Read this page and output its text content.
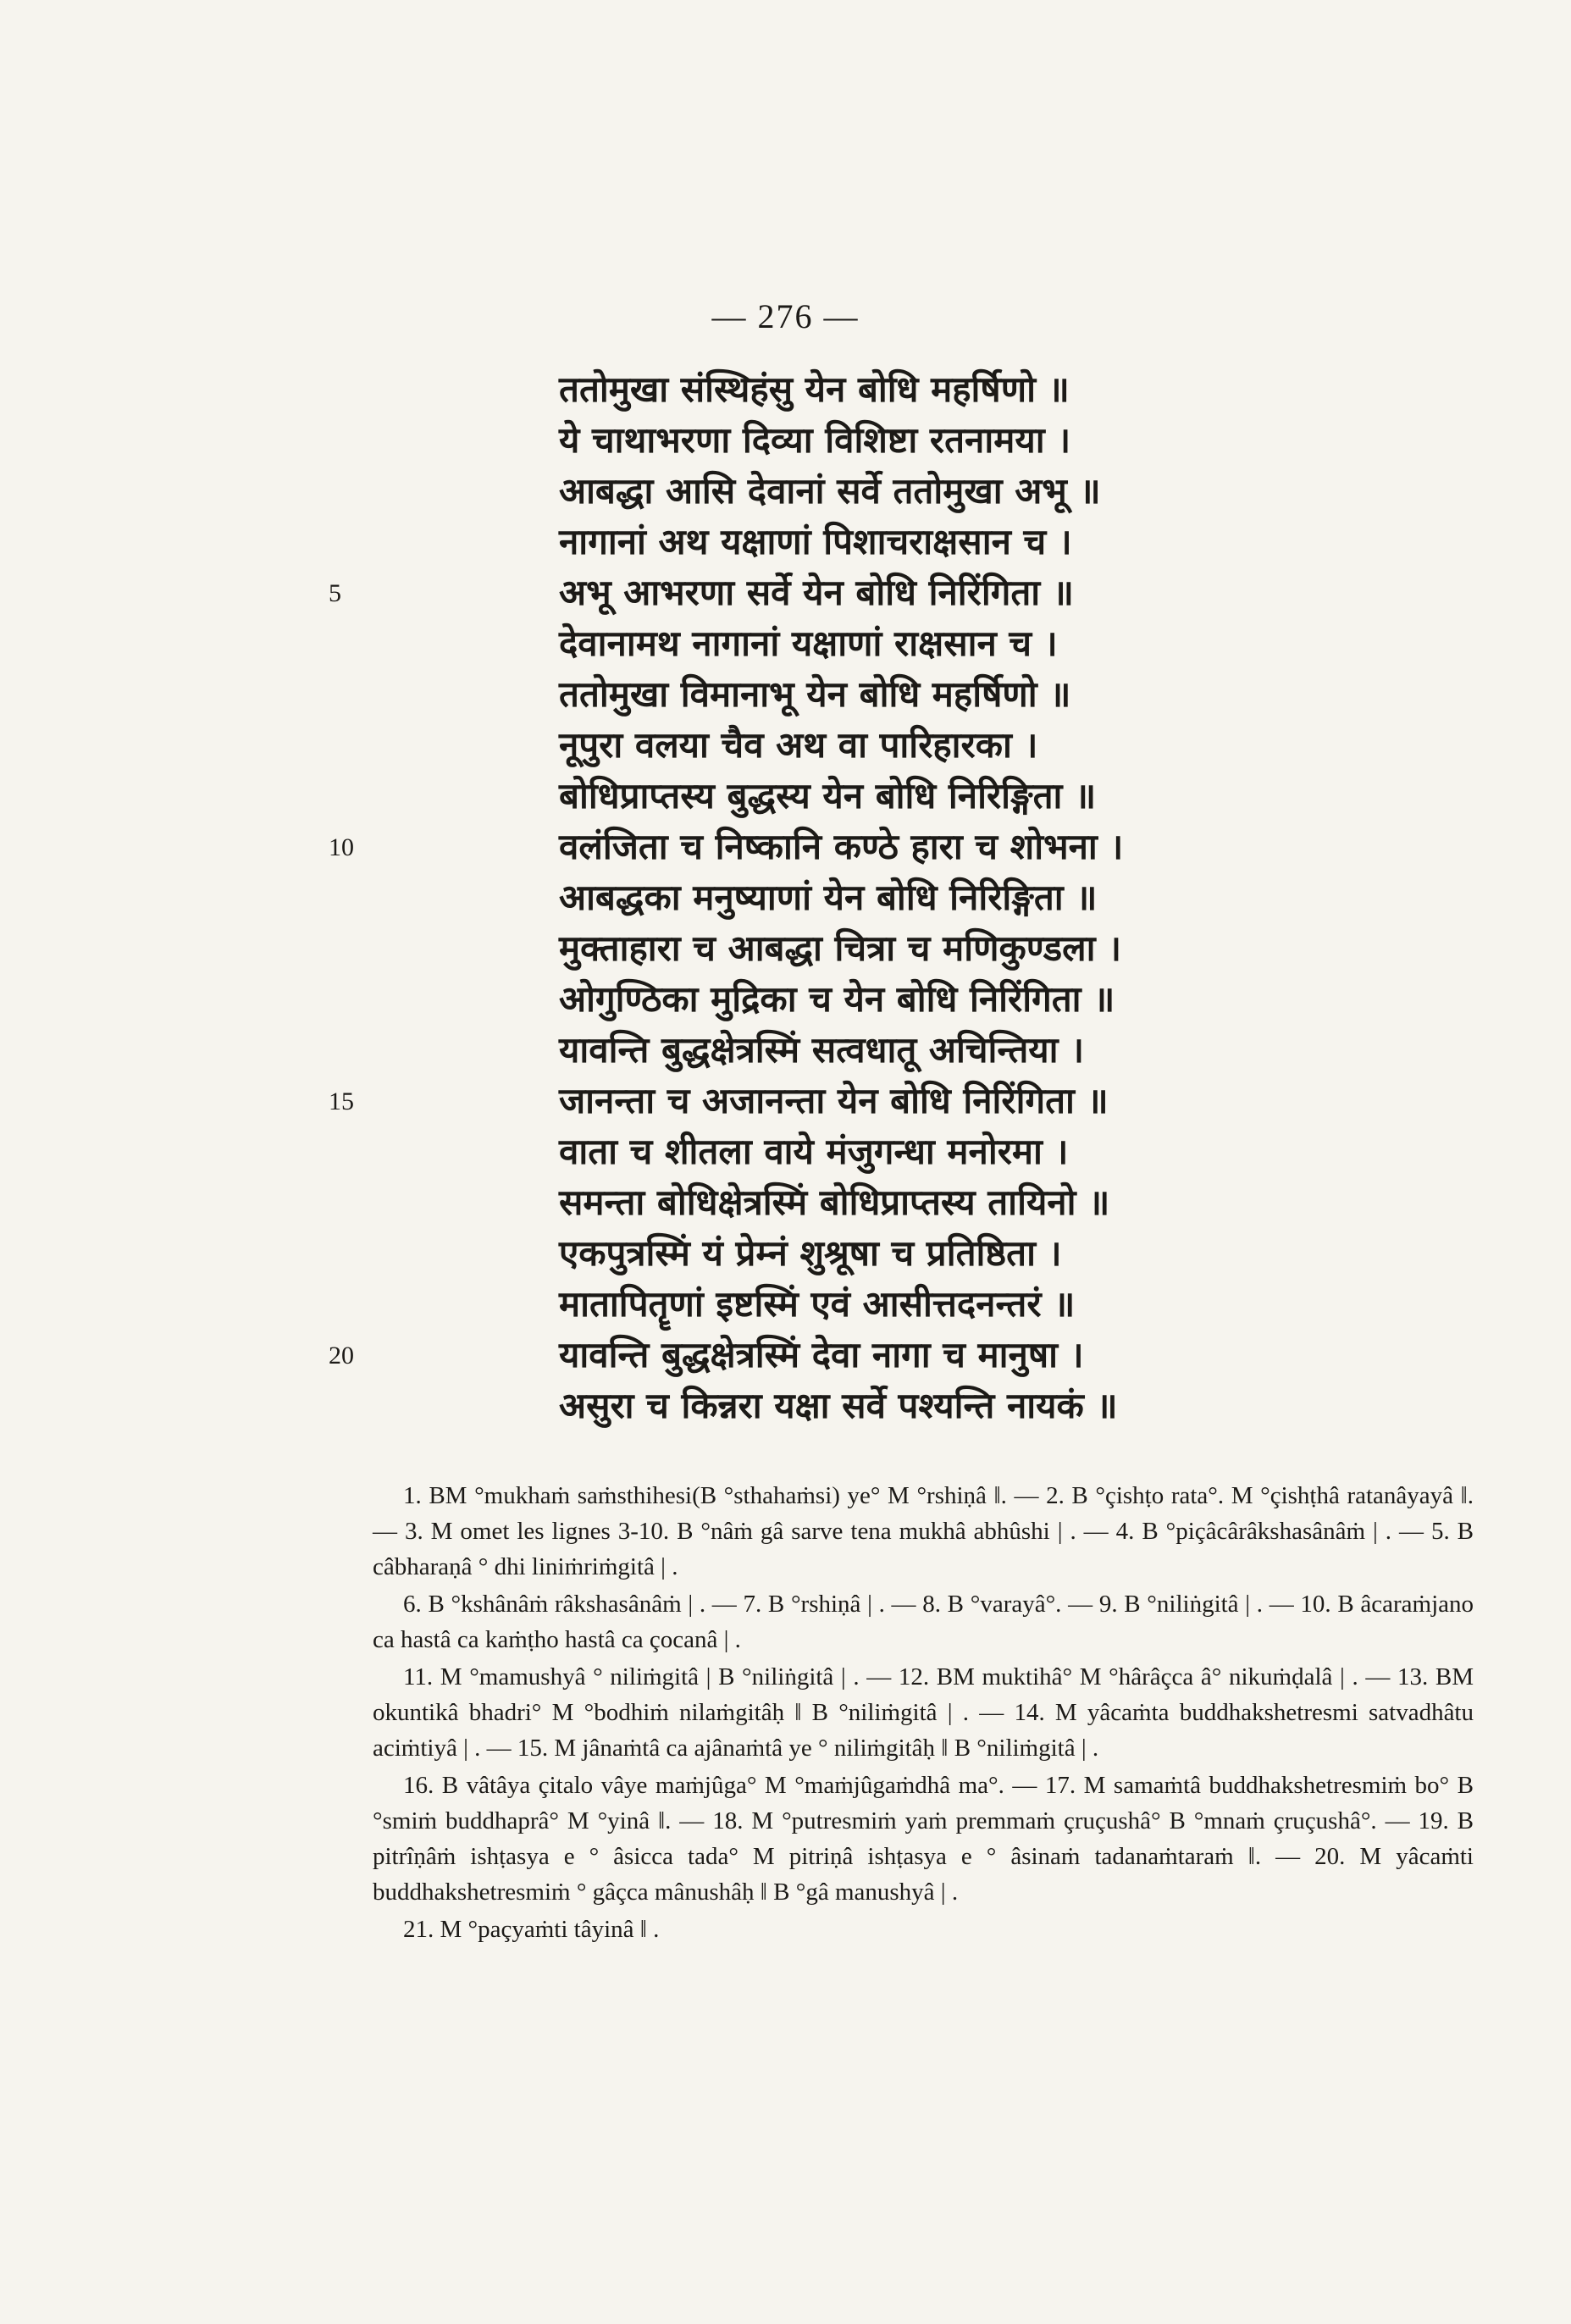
— 276 —
ततोमुखा संस्थिहंसु येन बोधि महर्षिणो ॥
ये चाथाभरणा दिव्या विशिष्टा रतनामया ।
आबद्धा आसि देवानां सर्वे ततोमुखा अभू ॥
नागानां अथ यक्षाणां पिशाचराक्षसान च ।
अभू आभरणा सर्वे येन बोधि निरिंगिता ॥
देवानामथ नागानां यक्षाणां राक्षसान च ।
ततोमुखा विमानाभू येन बोधि महर्षिणो ॥
नूपुरा वलया चैव अथ वा पारिहारका ।
बोधिप्राप्तस्य बुद्धस्य येन बोधि निरिङ्गिता ॥
वलंजिता च निष्कानि कण्ठे हारा च शोभना ।
आबद्धका मनुष्याणां येन बोधि निरिङ्गिता ॥
मुक्ताहारा च आबद्धा चित्रा च मणिकुण्डला ।
ओगुण्ठिका मुद्रिका च येन बोधि निरिंगिता ॥
यावन्ति बुद्धक्षेत्रस्मिं सत्वधातू अचिन्तिया ।
जानन्ता च अजानन्ता येन बोधि निरिंगिता ॥
वाता च शीतला वाये मंजुगन्धा मनोरमा ।
समन्ता बोधिक्षेत्रस्मिं बोधिप्राप्तस्य तायिनो ॥
एकपुत्रस्मिं यं प्रेम्नं शुश्रूषा च प्रतिष्ठिता ।
मातापितॄणां इष्टस्मिं एवं आसीत्तदनन्तरं ॥
यावन्ति बुद्धक्षेत्रस्मिं देवा नागा च मानुषा ।
असुरा च किन्नरा यक्षा सर्वे पश्यन्ति नायकं ॥
5
10
15
20

1. BM °mukhaṁ saṁsthihesi(B °sthahaṁsi) ye° M °rshiṇâ ‖. — 2. B °çishṭo rata°. M °çishṭhâ ratanâyayâ ‖. — 3. M omet les lignes 3-10. B °nâṁ gâ sarve tena mukhâ abhûshi | . — 4. B °piçâcârâkshasânâṁ | . — 5. B câbharaṇâ ° dhi liniṁriṁgitâ | .

6. B °kshânâṁ râkshasânâṁ | . — 7. B °rshiṇâ | . — 8. B °varayâ°. — 9. B °niliṅgitâ | . — 10. B âcaraṁjano ca hastâ ca kaṁṭho hastâ ca çocanâ | .

11. M °mamushyâ ° niliṁgitâ | B °niliṅgitâ | . — 12. BM muktihâ° M °hârâçca â° nikuṁḍalâ | . — 13. BM okuntikâ bhadri° M °bodhiṁ nilaṁgitâḥ ‖ B °niliṁgitâ | . — 14. M yâcaṁta buddhakshetresmi satvadhâtu aciṁtiyâ | . — 15. M jânaṁtâ ca ajânaṁtâ ye ° niliṁgitâḥ ‖ B °niliṁgitâ | .

16. B vâtâya çitalo vâye maṁjûga° M °maṁjûgaṁdhâ ma°. — 17. M samaṁtâ buddhakshetresmiṁ bo° B °smiṁ buddhaprâ° M °yinâ ‖. — 18. M °putresmiṁ yaṁ premmaṁ çruçushâ° B °mnaṁ çruçushâ°. — 19. B pitrîṇâṁ ishṭasya e ° âsicca tada° M pitriṇâ ishṭasya e ° âsinaṁ tadanaṁtaraṁ ‖. — 20. M yâcaṁti buddhakshetresmiṁ ° gâçca mânushâḥ ‖ B °gâ manushyâ | .

21. M °paçyaṁti tâyinâ ‖ .
